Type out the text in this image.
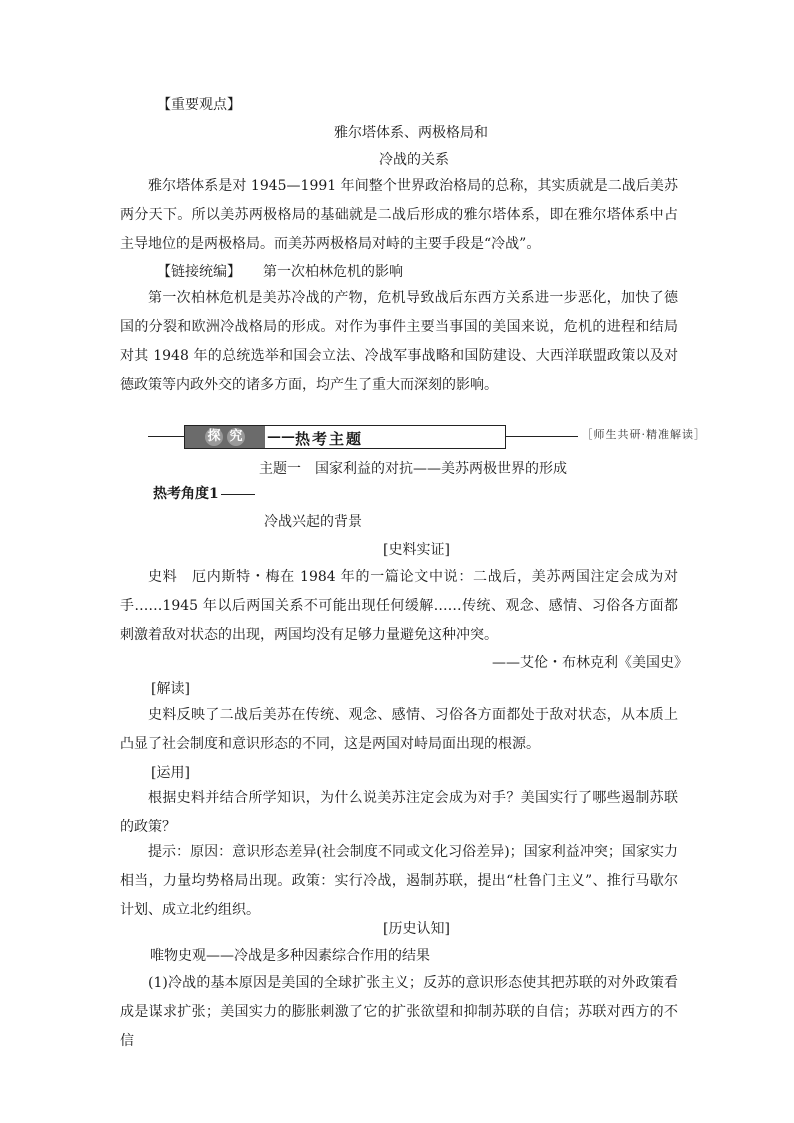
【重要观点】
雅尔塔体系、两极格局和
冷战的关系
雅尔塔体系是对 1945—1991 年间整个世界政治格局的总称，其实质就是二战后美苏两分天下。所以美苏两极格局的基础就是二战后形成的雅尔塔体系，即在雅尔塔体系中占主导地位的是两极格局。而美苏两极格局对峙的主要手段是“冷战”。
【链接统编】 第一次柏林危机的影响
第一次柏林危机是美苏冷战的产物，危机导致战后东西方关系进一步恶化，加快了德国的分裂和欧洲冷战格局的形成。对作为事件主要当事国的美国来说，危机的进程和结局对其 1948 年的总统选举和国会立法、冷战军事战略和国防建设、大西洋联盟政策以及对德政策等内政外交的诸多方面，均产生了重大而深刻的影响。
探 究 —— 热考主题	［师生共研·精准解读］
主题一　国家利益的对抗——美苏两极世界的形成
热考角度1
冷战兴起的背景
[史料实证]
史料　厄内斯特・梅在 1984 年的一篇论文中说：二战后，美苏两国注定会成为对手……1945 年以后两国关系不可能出现任何缓解……传统、观念、感情、习俗各方面都刺激着敌对状态的出现，两国均没有足够力量避免这种冲突。
——艾伦・布林克利《美国史》
[解读]
史料反映了二战后美苏在传统、观念、感情、习俗各方面都处于敌对状态，从本质上凸显了社会制度和意识形态的不同，这是两国对峙局面出现的根源。
[运用]
根据史料并结合所学知识，为什么说美苏注定会成为对手？美国实行了哪些遏制苏联的政策？
提示：原因：意识形态差异(社会制度不同或文化习俗差异)；国家利益冲突；国家实力相当，力量均势格局出现。政策：实行冷战，遏制苏联，提出“杜鲁门主义”、推行马歇尔计划、成立北约组织。
[历史认知]
唯物史观——冷战是多种因素综合作用的结果
(1)冷战的基本原因是美国的全球扩张主义；反苏的意识形态使其把苏联的对外政策看成是谋求扩张；美国实力的膨胀刺激了它的扩张欲望和抑制苏联的自信；苏联对西方的不信
